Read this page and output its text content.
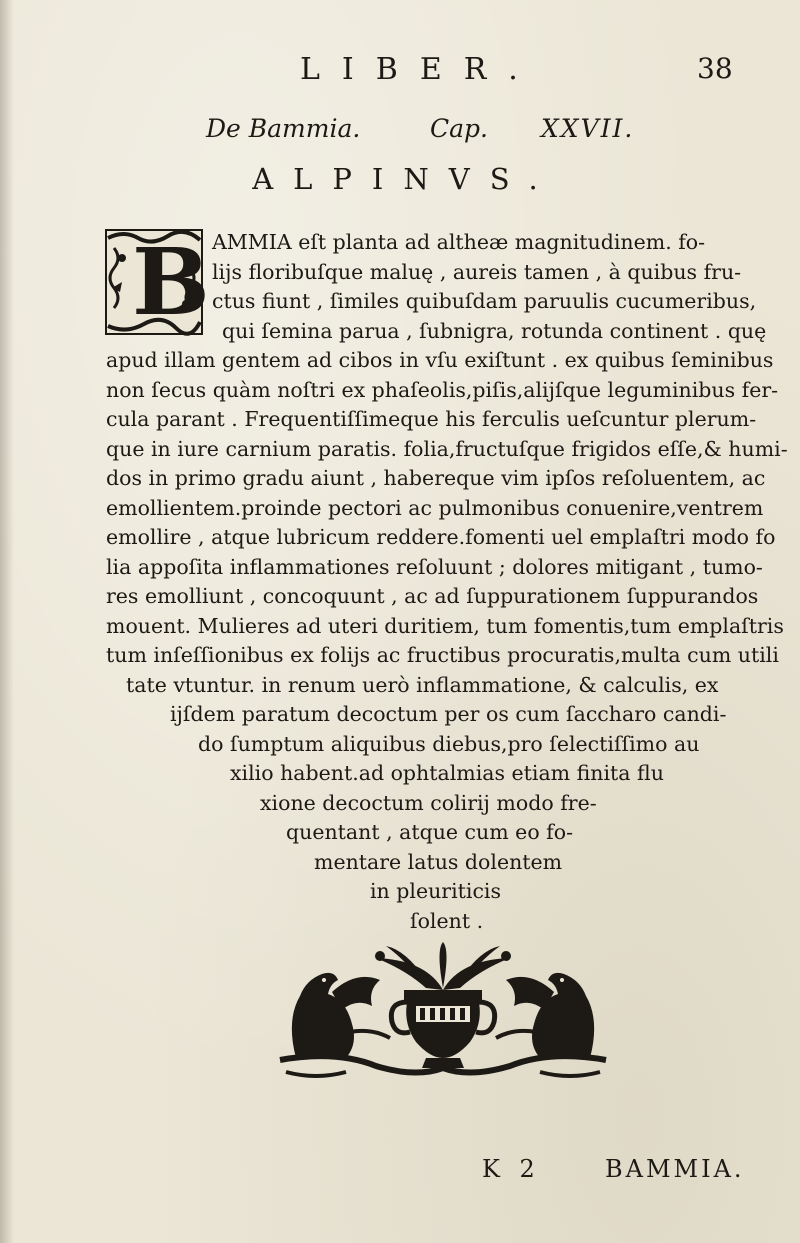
LIBER.	38
De Bammia.	Cap. XXVII.
ALPINVS.
B AMMIA eſt planta ad altheæ magnitudinem. fo-
lijs floribuſque maluę , aureis tamen , à quibus fru-
ctus fiunt , ſimiles quibuſdam paruulis cucumeribus,
qui ſemina parua , ſubnigra, rotunda continent . quę
apud illam gentem ad cibos in vſu exiſtunt . ex quibus ſeminibus
non ſecus quàm noſtri ex phaſeolis,piſis,alijſque leguminibus fer-
cula parant . Frequentiſſimeque his ferculis ueſcuntur plerum-
que in iure carnium paratis. folia,fructuſque frigidos eſſe,& humi-
dos in primo gradu aiunt , habereque vim ipſos reſoluentem, ac
emollientem.proinde pectori ac pulmonibus conuenire,ventrem
emollire , atque lubricum reddere.fomenti uel emplaſtri modo fo
lia appoſita inflammationes reſoluunt ; dolores mitigant , tumo-
res emolliunt , concoquunt , ac ad ſuppurationem ſuppurandos
mouent. Mulieres ad uteri duritiem, tum fomentis,tum emplaſtris
tum inſeſſionibus ex folijs ac fructibus procuratis,multa cum utili
tate vtuntur. in renum uerò inflammatione, & calculis, ex
ijſdem paratum decoctum per os cum ſaccharo candi-
do ſumptum aliquibus diebus,pro ſelectiſſimo au
xilio habent.ad ophtalmias etiam finita flu
xione decoctum colirij modo fre-
quentant , atque cum eo fo-
mentare latus dolentem
in pleuriticis
ſolent .
K 2	BAMMIA.
